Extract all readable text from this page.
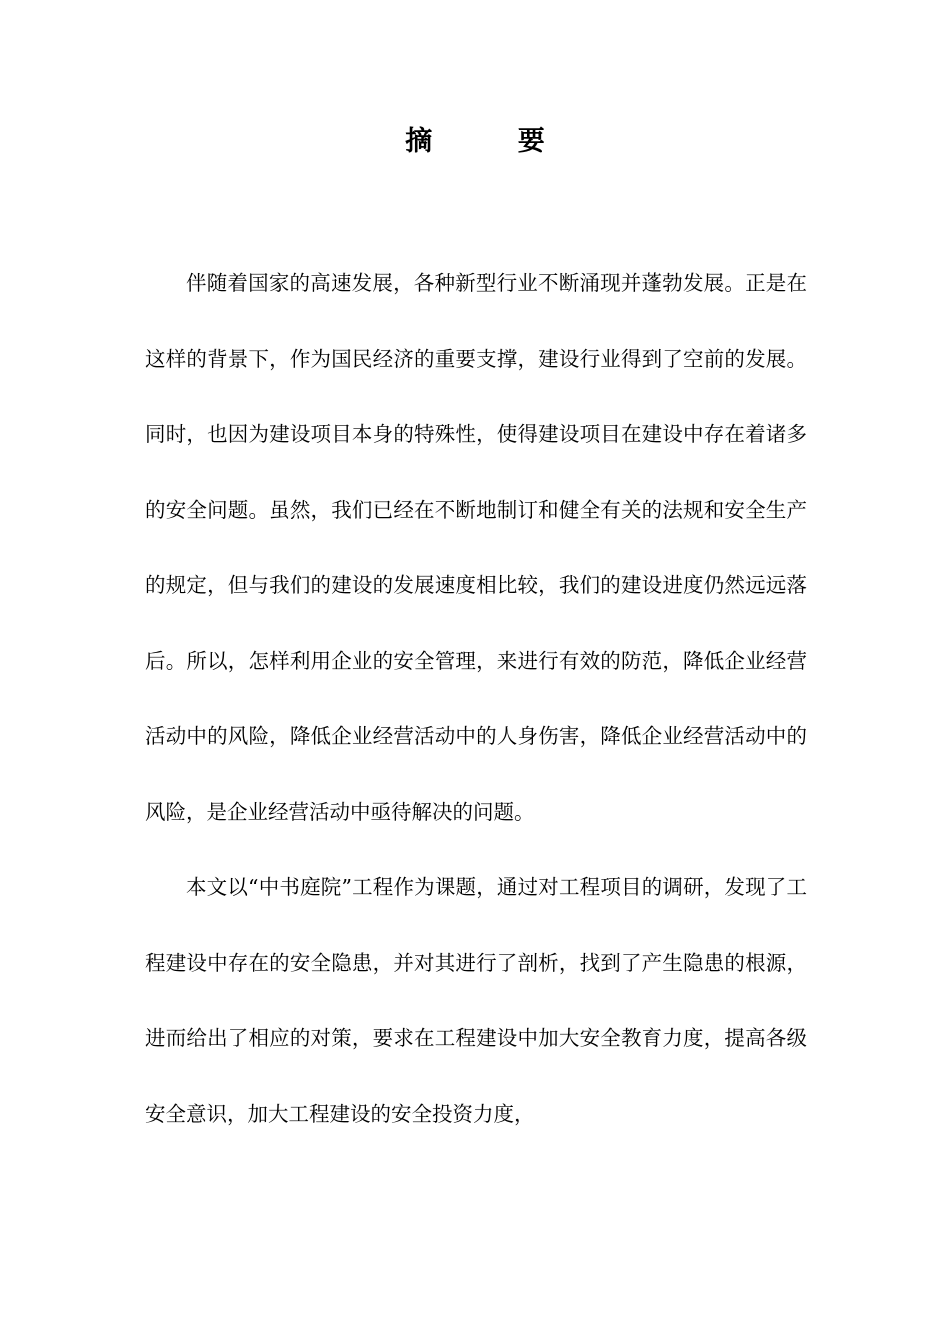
摘 要

伴随着国家的高速发展，各种新型行业不断涌现并蓬勃发展。正是在这样的背景下，作为国民经济的重要支撑，建设行业得到了空前的发展。同时，也因为建设项目本身的特殊性，使得建设项目在建设中存在着诸多的安全问题。虽然，我们已经在不断地制订和健全有关的法规和安全生产的规定，但与我们的建设的发展速度相比较，我们的建设进度仍然远远落后。所以，怎样利用企业的安全管理，来进行有效的防范，降低企业经营活动中的风险，降低企业经营活动中的人身伤害，降低企业经营活动中的风险，是企业经营活动中亟待解决的问题。

本文以“中书庭院”工程作为课题，通过对工程项目的调研，发现了工程建设中存在的安全隐患，并对其进行了剖析，找到了产生隐患的根源，进而给出了相应的对策，要求在工程建设中加大安全教育力度，提高各级安全意识，加大工程建设的安全投资力度，
